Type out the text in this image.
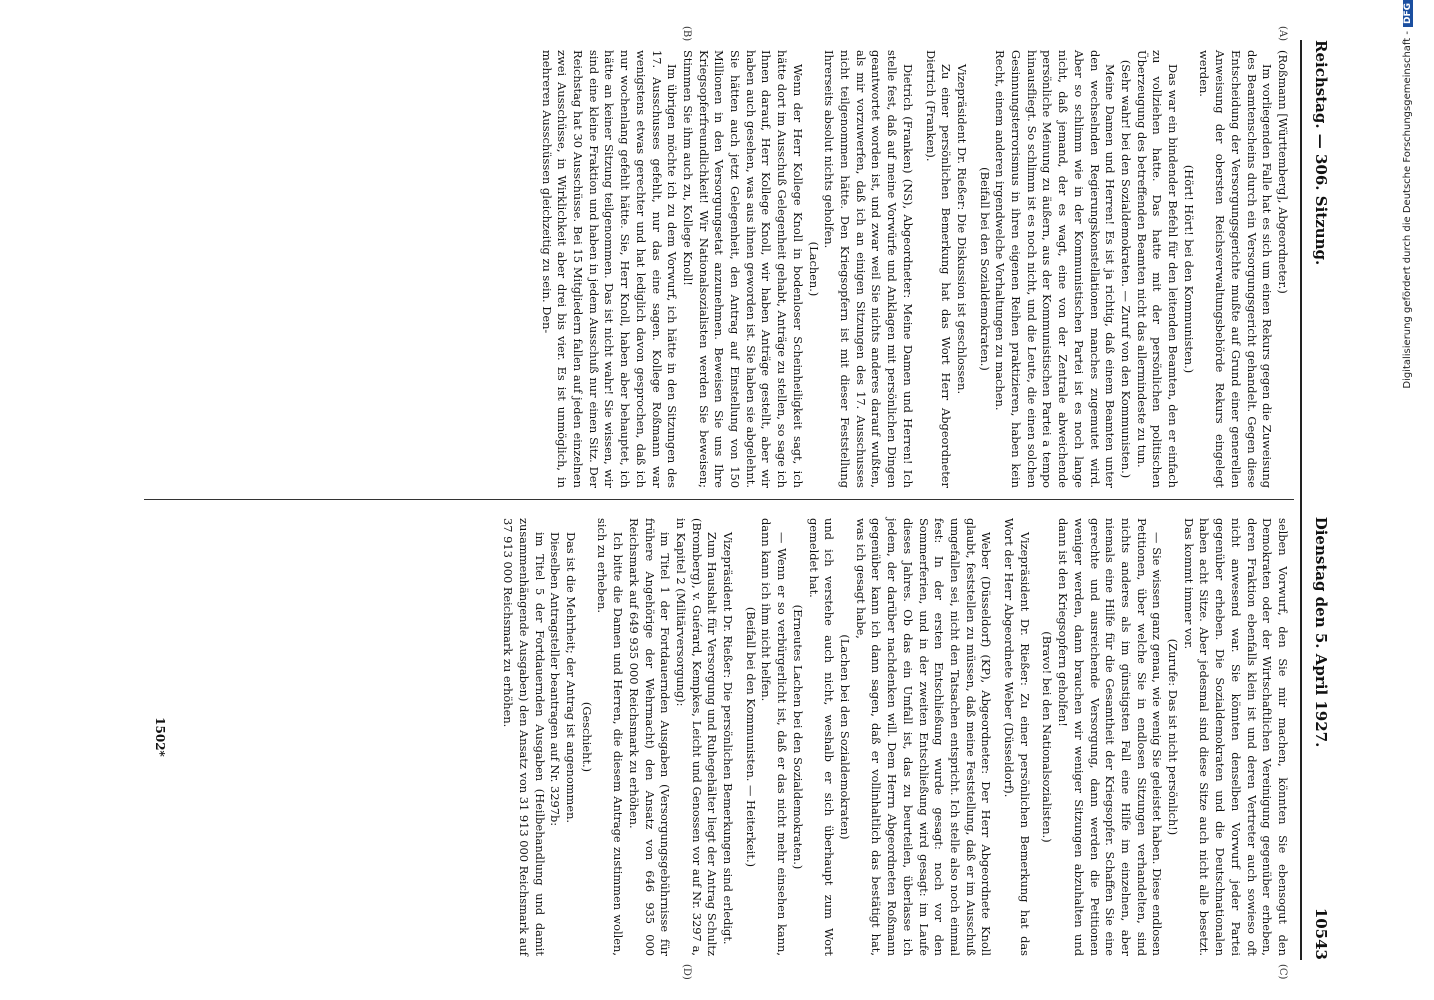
Reichstag. — 306. Sitzung.
Dienstag den 5. April 1927.  10543

(Roßmann [Württemberg], Abgeordneter.)

Im vorliegenden Falle hat es sich um einen Rekurs gegen die Zuweisung des Beamtenscheins durch ein Versorgungsgericht gehandelt. Gegen diese Entscheidung der Versorgungsgerichte mußte auf Grund einer generellen Anweisung der obersten Reichsverwaltungsbehörde Rekurs eingelegt werden.

(Hört! Hört! bei den Kommunisten.)

Das war ein bindender Befehl für den leitenden Beamten, den er einfach zu vollziehen hatte. Das hatte mit der persönlichen politischen Überzeugung des betreffenden Beamten nicht das allermindeste zu tun.

(Sehr wahr! bei den Sozialdemokraten. — Zuruf von den Kommunisten.)

Meine Damen und Herren! Es ist ja richtig, daß einem Beamten unter den wechselnden Regierungskonstellationen manches zugemutet wird. Aber so schlimm wie in der Kommunistischen Partei ist es noch lange nicht, daß jemand, der es wagt, eine von der Zentrale abweichende persönliche Meinung zu äußern, aus der Kommunistischen Partei a tempo hinausfliegt. So schlimm ist es noch nicht, und die Leute, die einen solchen Gesinnungsterrorismus in ihren eigenen Reihen praktizieren, haben kein Recht, einem anderen irgendwelche Vorhaltungen zu machen.

(Beifall bei den Sozialdemokraten.)

Vizepräsident Dr. Rießer: Die Diskussion ist geschlossen.

Zu einer persönlichen Bemerkung hat das Wort Herr Abgeordneter Dietrich (Franken).

Dietrich (Franken) (NS), Abgeordneter: Meine Damen und Herren! Ich stelle fest, daß auf meine Vorwürfe und Anklagen mit persönlichen Dingen geantwortet worden ist, und zwar weil Sie nichts anderes darauf wußten, als mir vorzuwerfen, daß ich an einigen Sitzungen des 17. Ausschusses nicht teilgenommen hätte. Den Kriegsopfern ist mit dieser Feststellung Ihrerseits absolut nichts geholfen.

(Lachen.)

Wenn der Herr Kollege Knoll in bodenloser Scheinheiligkeit sagt, ich hätte dort im Ausschuß Gelegenheit gehabt, Anträge zu stellen, so sage ich Ihnen darauf, Herr Kollege Knoll, wir haben Anträge gestellt, aber wir haben auch gesehen, was aus ihnen geworden ist. Sie haben sie abgelehnt. Sie hätten auch jetzt Gelegenheit, den Antrag auf Einstellung von 150 Millionen in den Versorgungsetat anzunehmen. Beweisen Sie uns Ihre Kriegsopferfreundlichkeit! Wir Nationalsozialisten werden Sie beweisen; Stimmen Sie ihm auch zu, Kollege Knoll!

Im übrigen möchte ich zu dem Vorwurf, ich hätte in den Sitzungen des 17. Ausschusses gefehlt, nur das eine sagen. Kollege Roßmann war wenigstens etwas gerechter und hat lediglich davon gesprochen, daß ich nur wochenlang gefehlt hätte. Sie, Herr Knoll, haben aber behauptet, ich hätte an keiner Sitzung teilgenommen. Das ist nicht wahr! Sie wissen, wir sind eine kleine Fraktion und haben in jedem Ausschuß nur einen Sitz. Der Reichstag hat 30 Ausschüsse. Bei 15 Mitgliedern fallen auf jeden einzelnen zwei Ausschüsse, in Wirklichkeit aber drei bis vier. Es ist unmöglich, in mehreren Ausschüssen gleichzeitig zu sein. Den-

selben Vorwurf, den Sie mir machen, könnten Sie ebensogut den Demokraten oder der Wirtschaftlichen Vereinigung gegenüber erheben, deren Fraktion ebenfalls klein ist und deren Vertreter auch sowieso oft nicht anwesend war. Sie könnten denselben Vorwurf jeder Partei gegenüber erheben. Die Sozialdemokraten und die Deutschnationalen haben acht Sitze. Aber jedesmal sind diese Sitze auch nicht alle besetzt. Das kommt immer vor.

(Zurufe: Das ist nicht persönlich!)

— Sie wissen ganz genau, wie wenig Sie geleistet haben. Diese endlosen Petitionen, über welche Sie in endlosen Sitzungen verhandelten, sind nichts anderes als im günstigsten Fall eine Hilfe im einzelnen, aber niemals eine Hilfe für die Gesamtheit der Kriegsopfer. Schaffen Sie eine gerechte und ausreichende Versorgung, dann werden die Petitionen weniger werden, dann brauchen wir weniger Sitzungen abzuhalten und dann ist den Kriegsopfern geholfen!

(Bravo! bei den Nationalsozialisten.)

Vizepräsident Dr. Rießer: Zu einer persönlichen Bemerkung hat das Wort der Herr Abgeordnete Weber (Düsseldorf).

Weber (Düsseldorf) (KP), Abgeordneter: Der Herr Abgeordnete Knoll glaubt, feststellen zu müssen, daß meine Feststellung, daß er im Ausschuß umgefallen sei, nicht den Tatsachen entspricht. Ich stelle also noch einmal fest: In der ersten Entschließung wurde gesagt: noch vor den Sommerferien, und in der zweiten Entschließung wird gesagt: im Laufe dieses Jahres. Ob das ein Umfall ist, das zu beurteilen, überlasse ich jedem, der darüber nachdenken will. Dem Herrn Abgeordneten Roßmann gegenüber kann ich dann sagen, daß er vollinhaltlich das bestätigt hat, was ich gesagt habe,

(Lachen bei den Sozialdemokraten)

und ich verstehe auch nicht, weshalb er sich überhaupt zum Wort gemeldet hat.

(Erneutes Lachen bei den Sozialdemokraten.)

— Wenn er so verbürgerlicht ist, daß er das nicht mehr einsehen kann, dann kann ich ihm nicht helfen.

(Beifall bei den Kommunisten. — Heiterkeit.)

Vizepräsident Dr. Rießer: Die persönlichen Bemerkungen sind erledigt.

Zum Haushalt für Versorgung und Ruhegehälter liegt der Antrag Schultz (Bromberg), v. Guérard, Kempkes, Leicht und Genossen vor auf Nr. 3297 a, in Kapitel 2 (Militärversorgung):

im Titel 1 der Fortdauernden Ausgaben (Versorgungsgebührnisse für frühere Angehörige der Wehrmacht) den Ansatz von 646 935 000 Reichsmark auf 649 935 000 Reichsmark zu erhöhen.

Ich bitte die Damen und Herren, die diesem Antrage zustimmen wollen, sich zu erheben.

(Geschieht.)

Das ist die Mehrheit; der Antrag ist angenommen.

Dieselben Antragsteller beantragen auf Nr. 3297b:

im Titel 5 der Fortdauernden Ausgaben (Heilbehandlung und damit zusammenhängende Ausgaben) den Ansatz von 31 913 000 Reichsmark auf 37 913 000 Reichsmark zu erhöhen.

(A)
(B)
(C)
(D)
1502*
Digitalisierung gefördert durch die Deutsche Forschungsgemeinschaft -DFG
